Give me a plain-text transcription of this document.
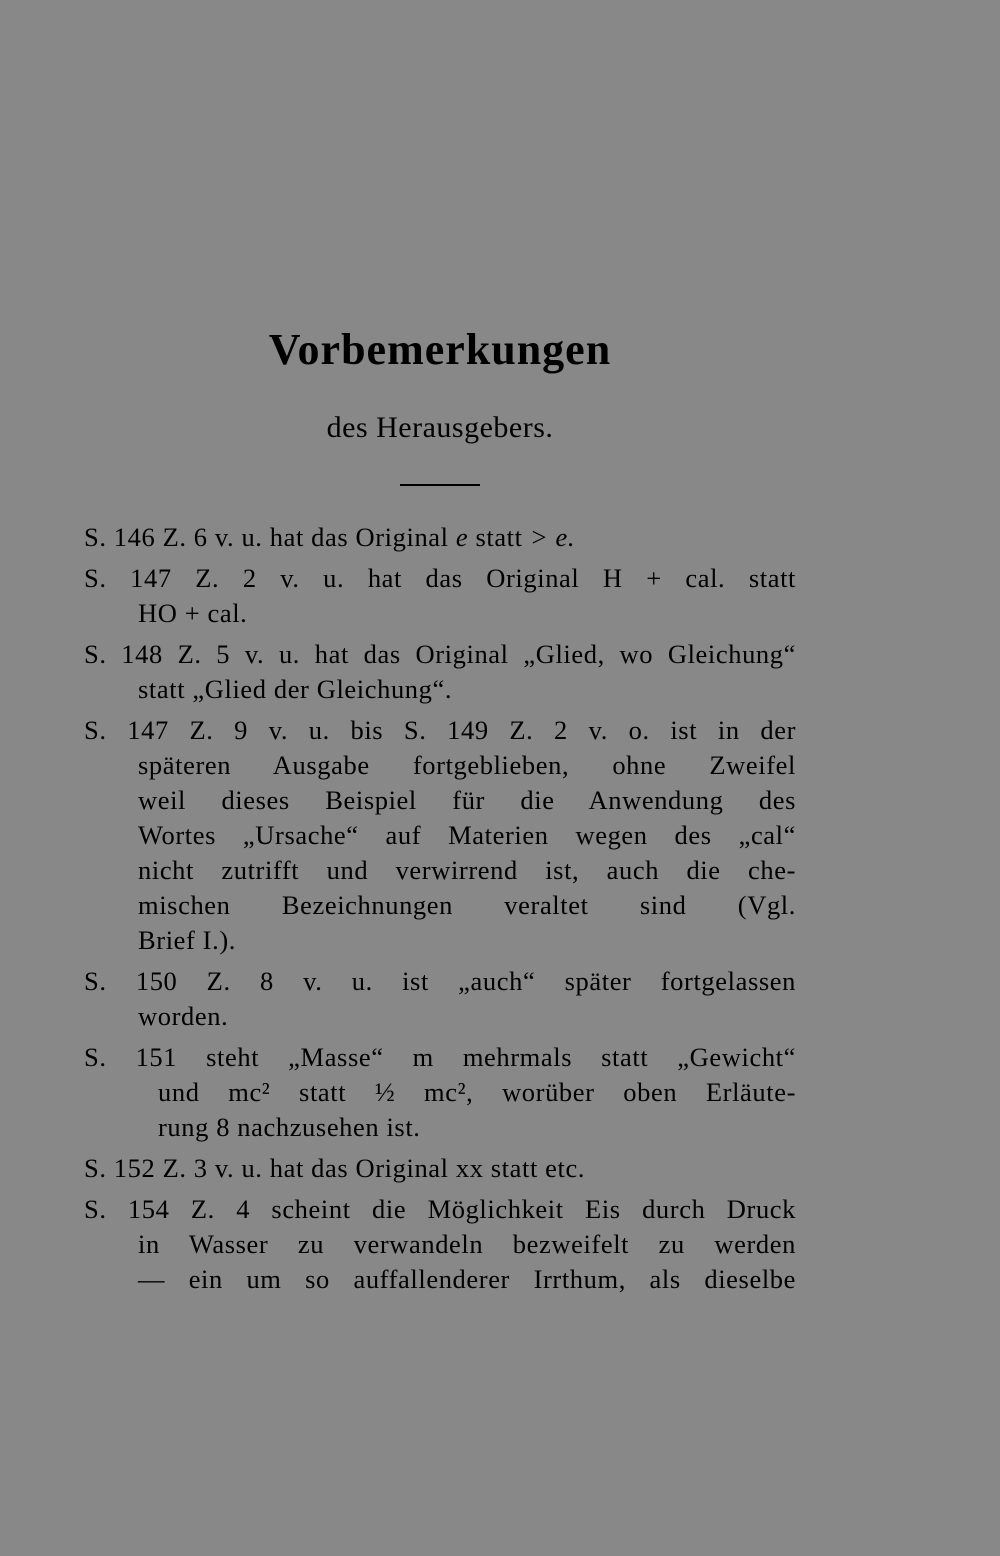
Vorbemerkungen
des Herausgebers.
S. 146 Z. 6 v. u. hat das Original e statt > e.
S. 147 Z. 2 v. u. hat das Original H + cal. statt
HO + cal.
S. 148 Z. 5 v. u. hat das Original „Glied, wo Gleichung“
statt „Glied der Gleichung“.
S. 147 Z. 9 v. u. bis S. 149 Z. 2 v. o. ist in der
späteren Ausgabe fortgeblieben, ohne Zweifel
weil dieses Beispiel für die Anwendung des
Wortes „Ursache“ auf Materien wegen des „cal“
nicht zutrifft und verwirrend ist, auch die che-
mischen Bezeichnungen veraltet sind (Vgl.
Brief I.).
S. 150 Z. 8 v. u. ist „auch“ später fortgelassen
worden.
S. 151 steht „Masse“ m mehrmals statt „Gewicht“
und mc² statt ½ mc², worüber oben Erläute-
rung 8 nachzusehen ist.
S. 152 Z. 3 v. u. hat das Original xx statt etc.
S. 154 Z. 4 scheint die Möglichkeit Eis durch Druck
in Wasser zu verwandeln bezweifelt zu werden
— ein um so auffallenderer Irrthum, als dieselbe
